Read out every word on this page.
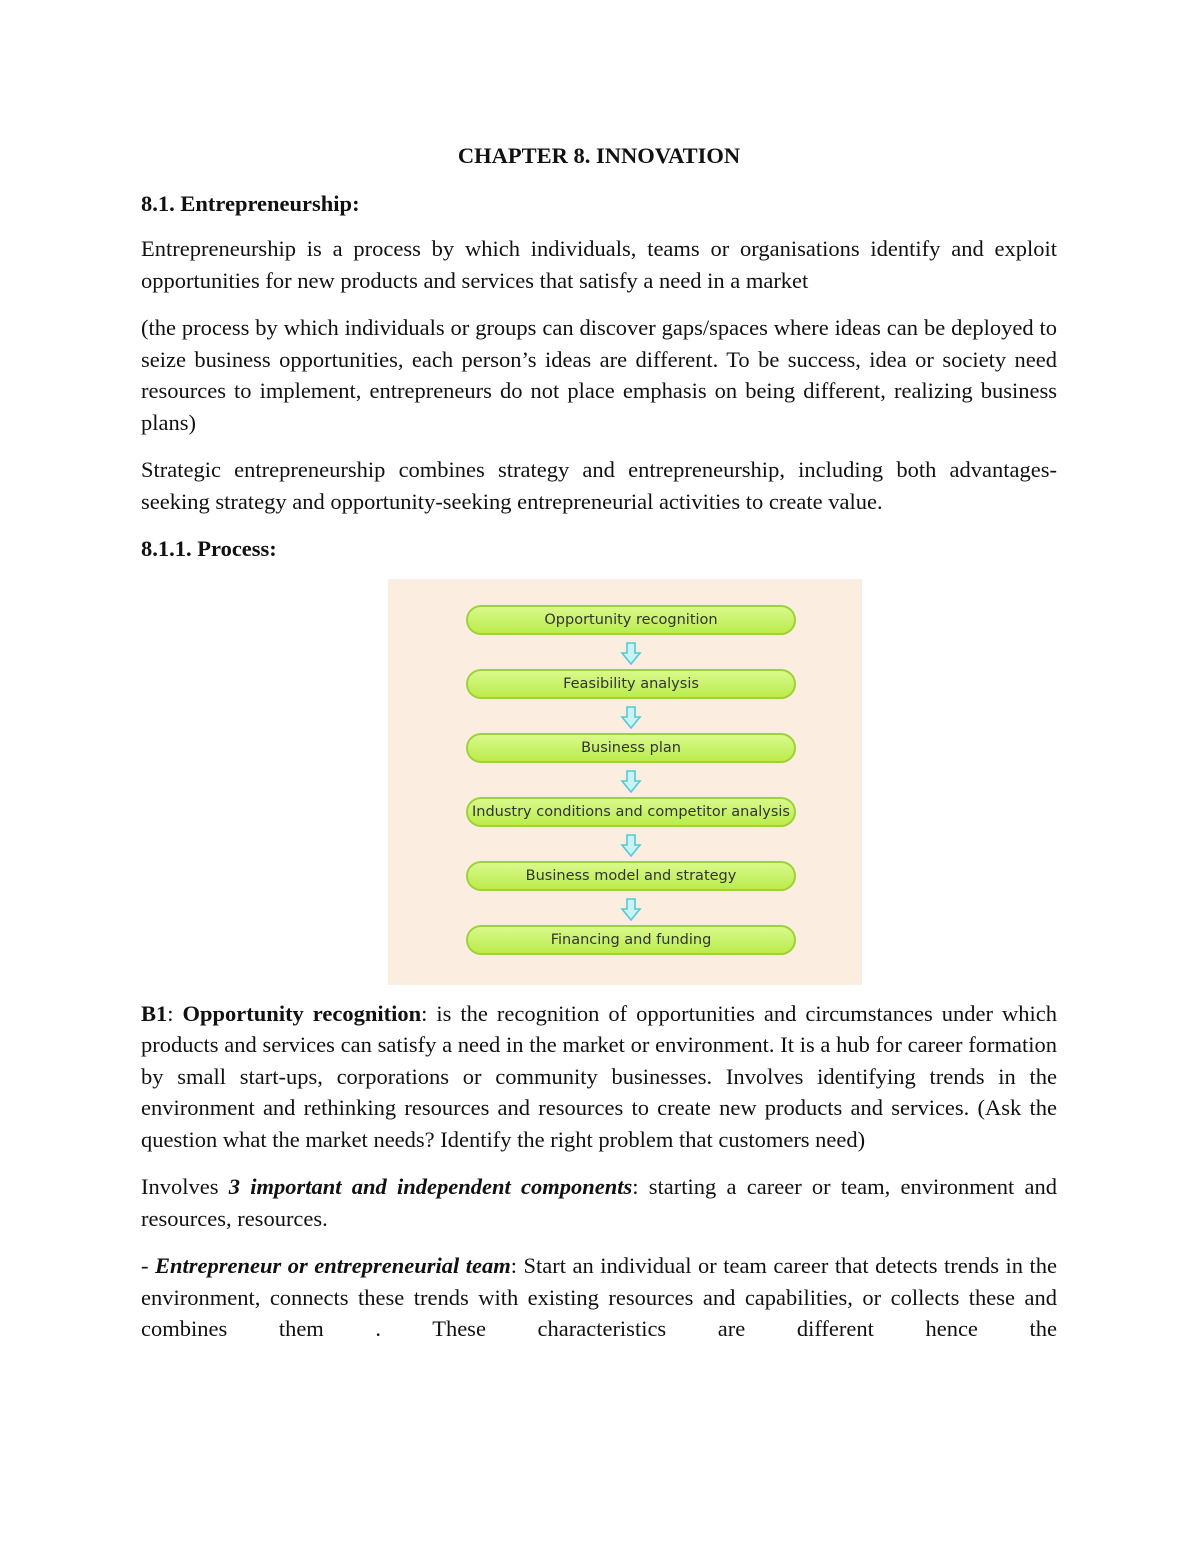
CHAPTER 8. INNOVATION
8.1. Entrepreneurship:

Entrepreneurship is a process by which individuals, teams or organisations identify and exploit opportunities for new products and services that satisfy a need in a market

(the process by which individuals or groups can discover gaps/spaces where ideas can be deployed to seize business opportunities, each person’s ideas are different. To be success, idea or society need resources to implement, entrepreneurs do not place emphasis on being different, realizing business plans)

Strategic entrepreneurship combines strategy and entrepreneurship, including both advantages-seeking strategy and opportunity-seeking entrepreneurial activities to create value.

8.1.1. Process:
Opportunity recognition
Feasibility analysis
Business plan
Industry conditions and competitor analysis
Business model and strategy
Financing and funding

B1: Opportunity recognition: is the recognition of opportunities and circumstances under which products and services can satisfy a need in the market or environment. It is a hub for career formation by small start-ups, corporations or community businesses. Involves identifying trends in the environment and rethinking resources and resources to create new products and services. (Ask the question what the market needs? Identify the right problem that customers need)

Involves 3 important and independent components: starting a career or team, environment and resources, resources.

- Entrepreneur or entrepreneurial team: Start an individual or team career that detects trends in the environment, connects these trends with existing resources and capabilities, or collects these and combines them . These characteristics are different hence the
